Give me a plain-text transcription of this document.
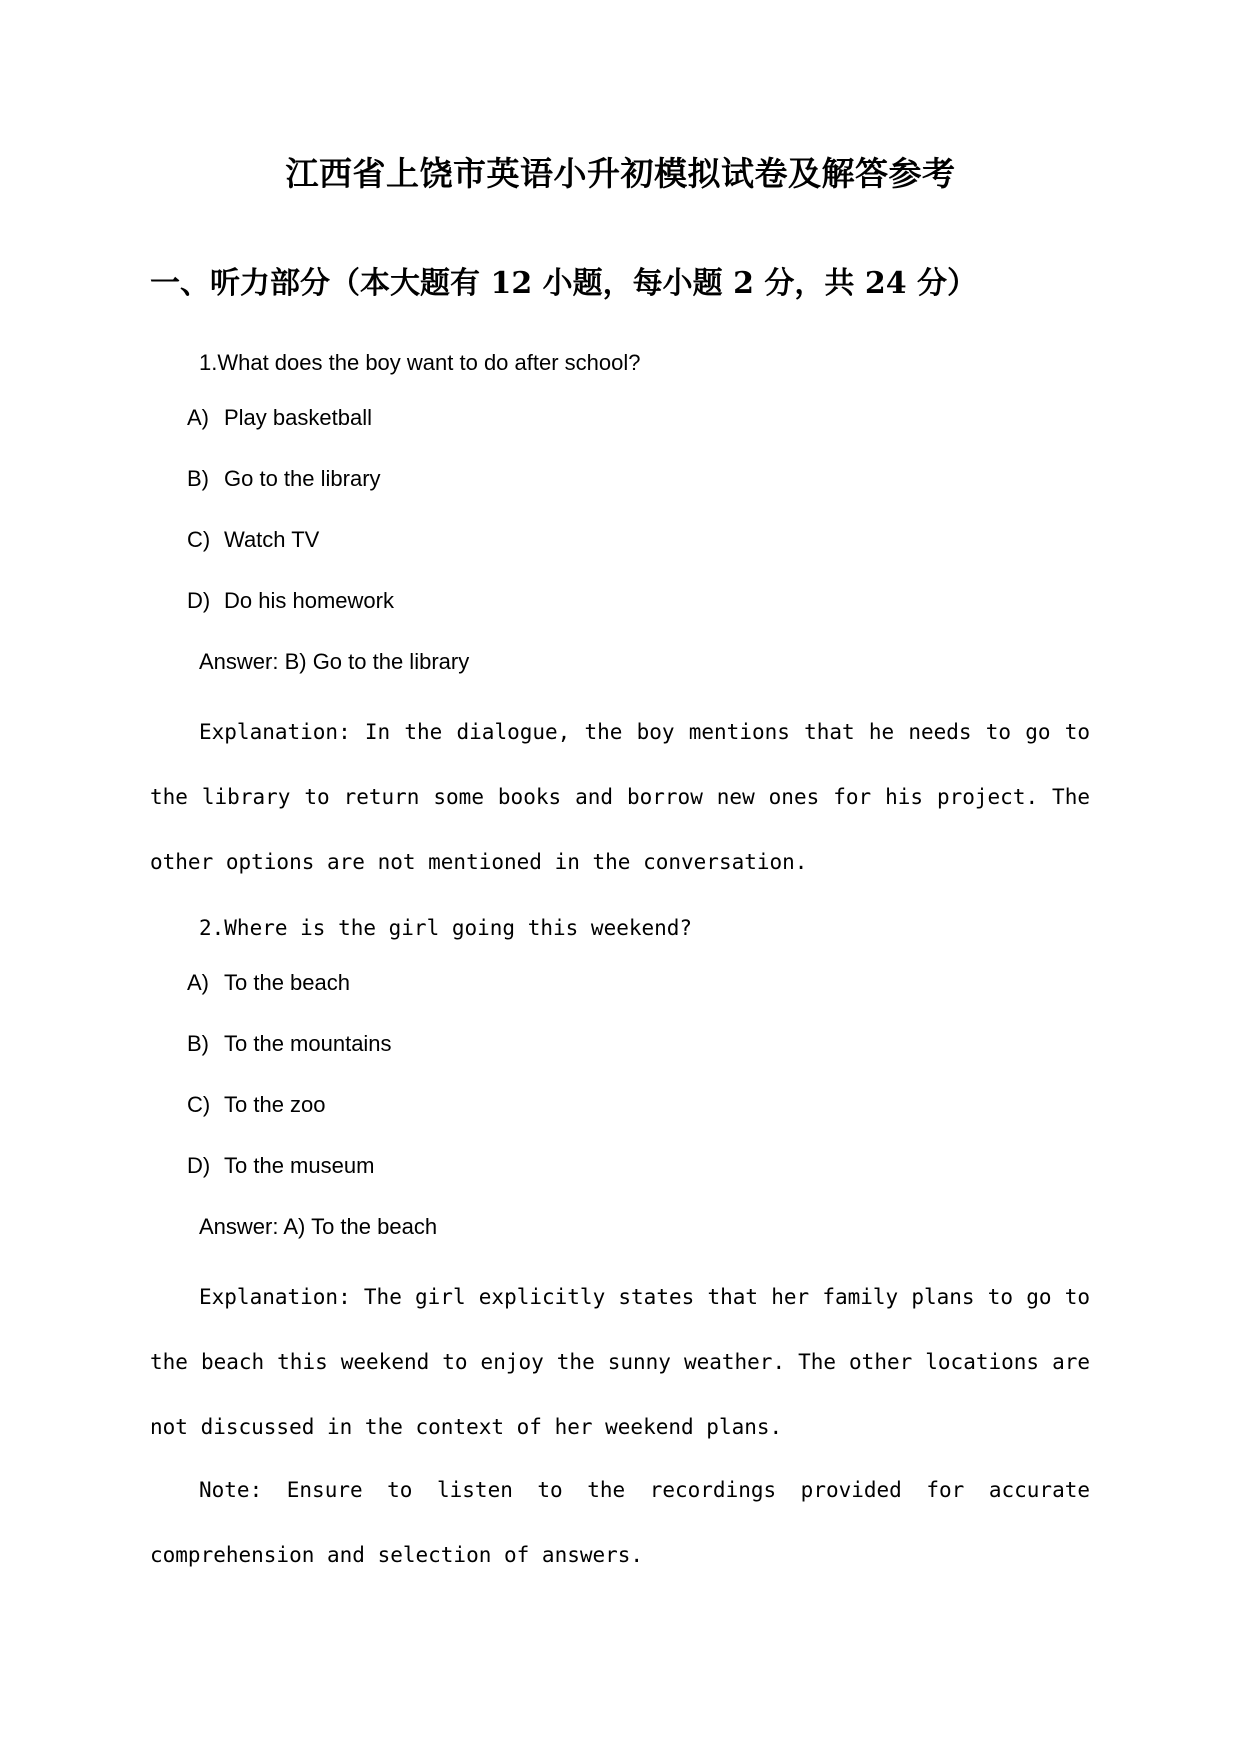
江西省上饶市英语小升初模拟试卷及解答参考
一、听力部分（本大题有 12 小题，每小题 2 分，共 24 分）
1.What does the boy want to do after school?
A) Play basketball
B) Go to the library
C) Watch TV
D) Do his homework
Answer: B) Go to the library
Explanation: In the dialogue, the boy mentions that he needs to go to the library to return some books and borrow new ones for his project. The other options are not mentioned in the conversation.
2.Where is the girl going this weekend?
A) To the beach
B) To the mountains
C) To the zoo
D) To the museum
Answer: A) To the beach
Explanation: The girl explicitly states that her family plans to go to the beach this weekend to enjoy the sunny weather. The other locations are not discussed in the context of her weekend plans.
Note: Ensure to listen to the recordings provided for accurate comprehension and selection of answers.
